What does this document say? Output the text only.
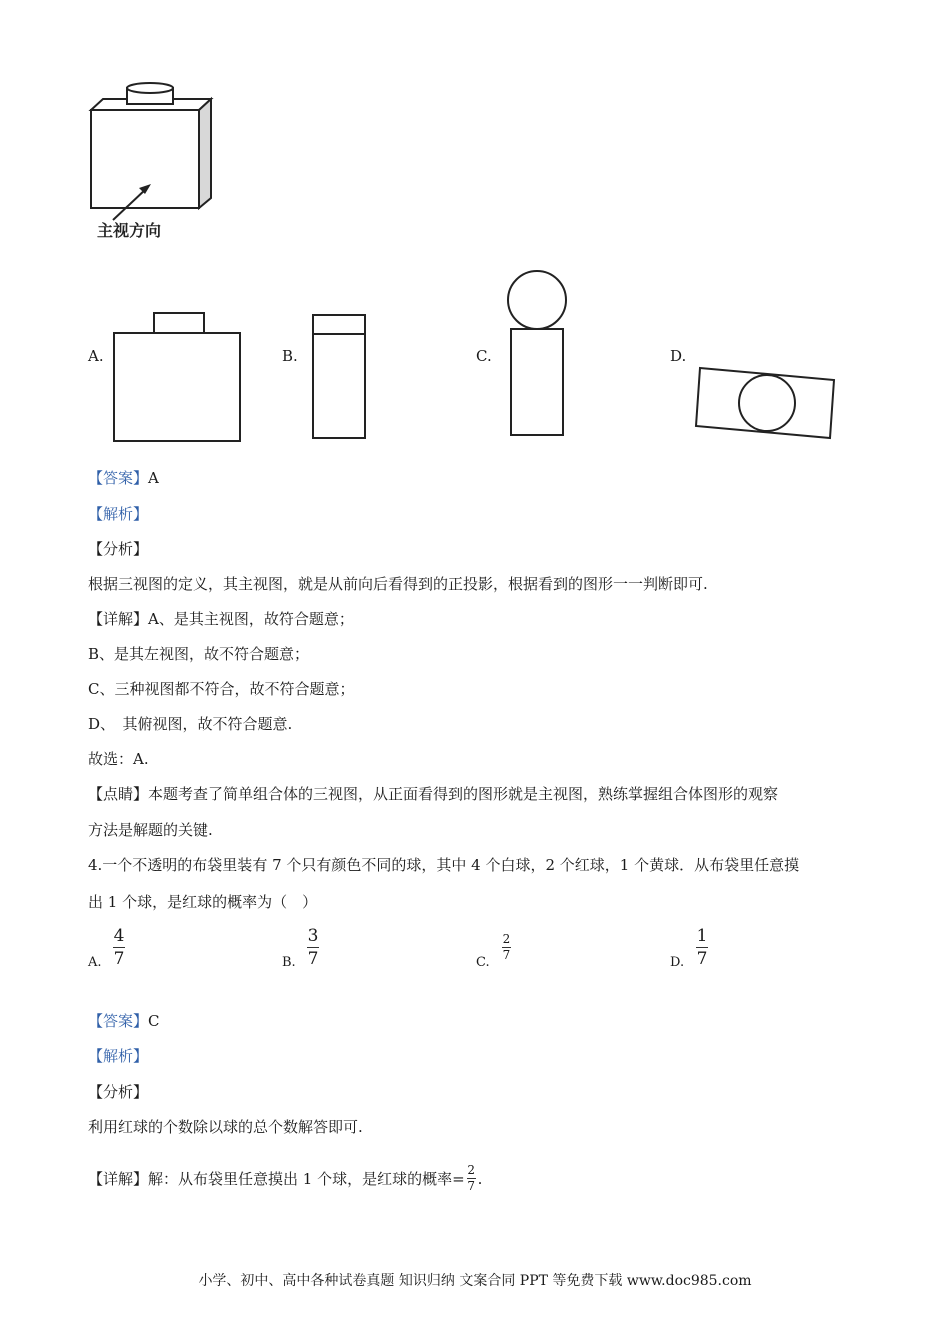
主视方向
A.	B.	C.	D.
【答案】A
【解析】
【分析】
根据三视图的定义，其主视图，就是从前向后看得到的正投影，根据看到的图形一一判断即可.
【详解】A、是其主视图，故符合题意；
B、是其左视图，故不符合题意；
C、三种视图都不符合，故不符合题意；
D、　其俯视图，故不符合题意.
故选：A.
【点睛】本题考查了简单组合体的三视图，从正面看得到的图形就是主视图，熟练掌握组合体图形的观察
方法是解题的关键.
4.一个不透明的布袋里装有 7 个只有颜色不同的球，其中 4 个白球，2 个红球，1 个黄球．从布袋里任意摸
出 1 个球，是红球的概率为（　）
A.
4
7	B.
3
7	C.
2
7	D.
1
7
【答案】C
【解析】
【分析】
利用红球的个数除以球的总个数解答即可.
【详解】解：从布袋里任意摸出 1 个球，是红球的概率= $\frac{2}{7}$ .
小学、初中、高中各种试卷真题 知识归纳 文案合同 PPT 等免费下载 www.doc985.com
